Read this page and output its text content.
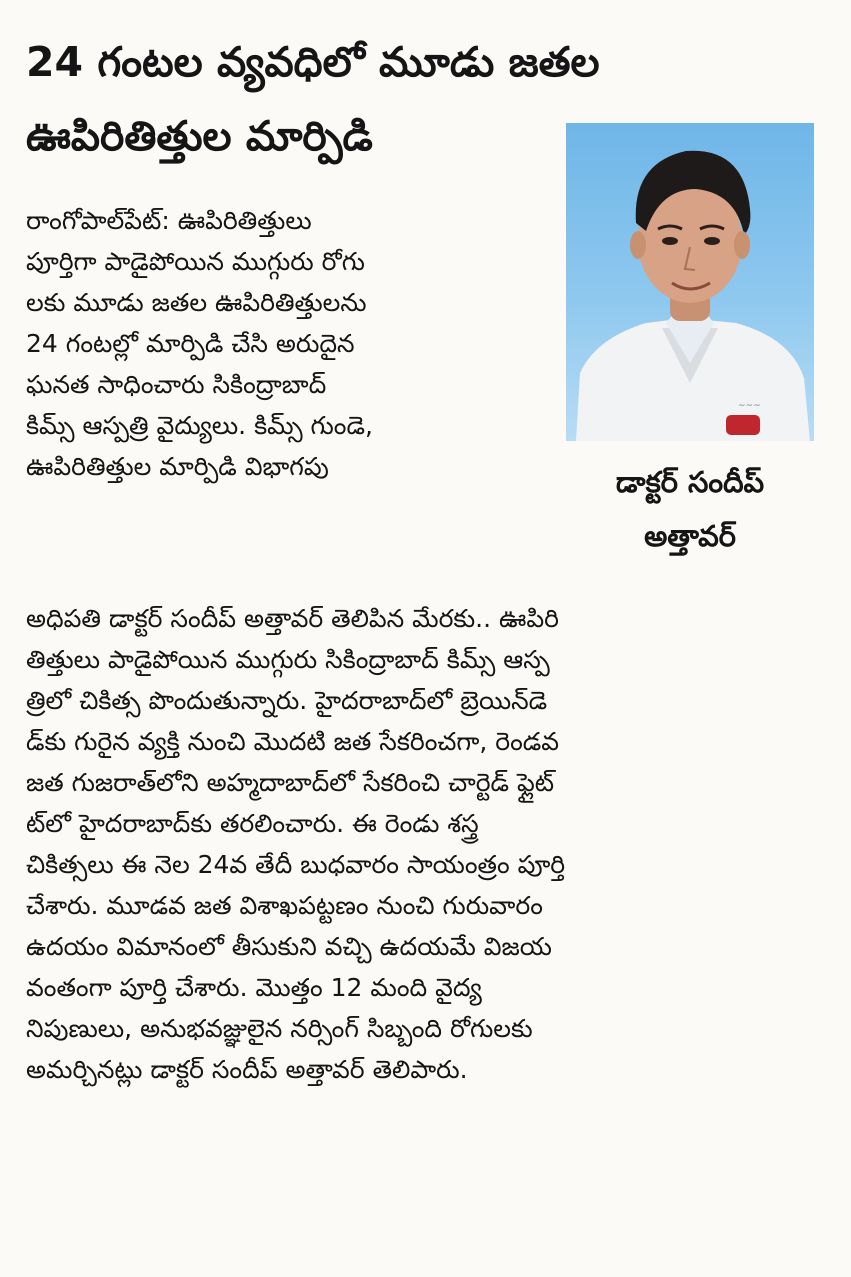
24 గంటల వ్యవధిలో మూడు జతల
ఊపిరితిత్తుల మార్పిడి
~~~
డాక్టర్ సందీప్
అత్తావర్

రాంగోపాల్‌పేట్: ఊపిరితిత్తులు
పూర్తిగా పాడైపోయిన ముగ్గురు రోగు
లకు మూడు జతల ఊపిరితిత్తులను
24 గంటల్లో మార్పిడి చేసి అరుదైన
ఘనత సాధించారు సికింద్రాబాద్
కిమ్స్ ఆస్పత్రి వైద్యులు. కిమ్స్ గుండె,
ఊపిరితిత్తుల మార్పిడి విభాగపు

అధిపతి డాక్టర్ సందీప్ అత్తావర్ తెలిపిన మేరకు.. ఊపిరి
తిత్తులు పాడైపోయిన ముగ్గురు సికింద్రాబాద్ కిమ్స్ ఆస్ప
త్రిలో చికిత్స పొందుతున్నారు. హైదరాబాద్‌లో బ్రెయిన్‌డె
డ్‌కు గురైన వ్యక్తి నుంచి మొదటి జత సేకరించగా, రెండవ
జత గుజరాత్‌లోని అహ్మదాబాద్‌లో సేకరించి చార్టెడ్ ఫ్లైట్
ట్‌లో హైదరాబాద్‌కు తరలించారు. ఈ రెండు శస్త్ర
చికిత్సలు ఈ నెల 24వ తేదీ బుధవారం సాయంత్రం పూర్తి
చేశారు. మూడవ జత విశాఖపట్టణం నుంచి గురువారం
ఉదయం విమానంలో తీసుకుని వచ్చి ఉదయమే విజయ
వంతంగా పూర్తి చేశారు. మొత్తం 12 మంది వైద్య
నిపుణులు, అనుభవజ్ఞులైన నర్సింగ్ సిబ్బంది రోగులకు
అమర్చినట్లు డాక్టర్ సందీప్ అత్తావర్ తెలిపారు.
